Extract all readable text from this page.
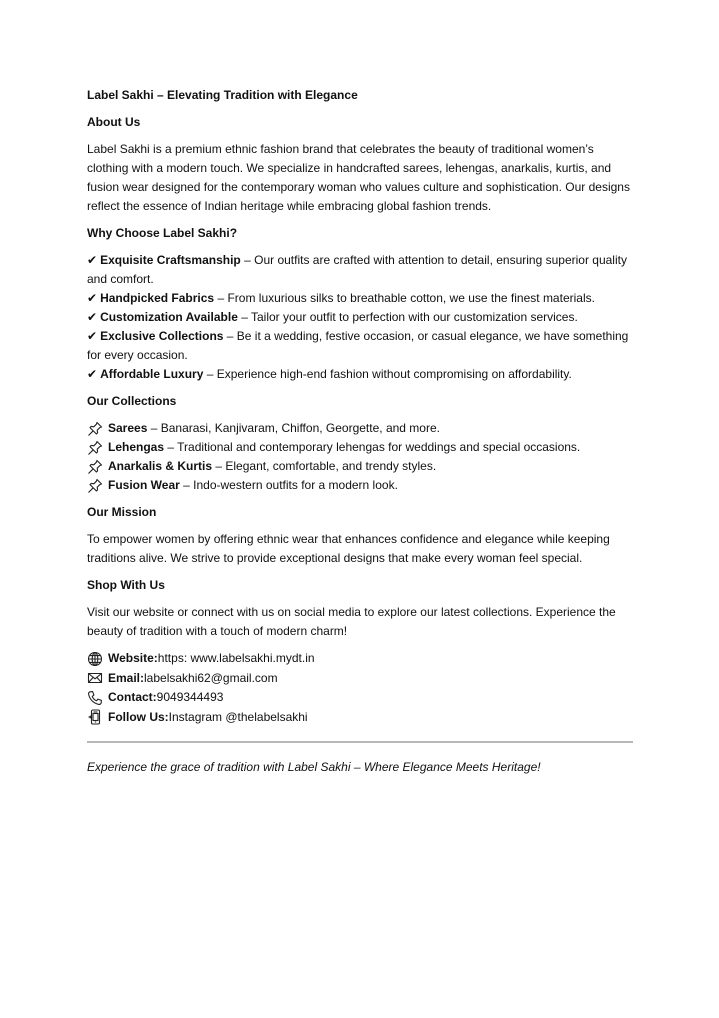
Label Sakhi – Elevating Tradition with Elegance
About Us

Label Sakhi is a premium ethnic fashion brand that celebrates the beauty of traditional women’s clothing with a modern touch. We specialize in handcrafted sarees, lehengas, anarkalis, kurtis, and fusion wear designed for the contemporary woman who values culture and sophistication. Our designs reflect the essence of Indian heritage while embracing global fashion trends.

Why Choose Label Sakhi?

✔ Exquisite Craftsmanship – Our outfits are crafted with attention to detail, ensuring superior quality and comfort.

✔ Handpicked Fabrics – From luxurious silks to breathable cotton, we use the finest materials.

✔ Customization Available – Tailor your outfit to perfection with our customization services.

✔ Exclusive Collections – Be it a wedding, festive occasion, or casual elegance, we have something for every occasion.

✔ Affordable Luxury – Experience high-end fashion without compromising on affordability.

Our Collections
Sarees – Banarasi, Kanjivaram, Chiffon, Georgette, and more.
Lehengas – Traditional and contemporary lehengas for weddings and special occasions.
Anarkalis & Kurtis – Elegant, comfortable, and trendy styles.
Fusion Wear – Indo-western outfits for a modern look.
Our Mission

To empower women by offering ethnic wear that enhances confidence and elegance while keeping traditions alive. We strive to provide exceptional designs that make every woman feel special.

Shop With Us

Visit our website or connect with us on social media to explore our latest collections. Experience the beauty of tradition with a touch of modern charm!

Website: https: www.labelsakhi.mydt.in
Email: labelsakhi62@gmail.com
Contact: 9049344493
Follow Us: Instagram @thelabelsakhi

Experience the grace of tradition with Label Sakhi – Where Elegance Meets Heritage!
